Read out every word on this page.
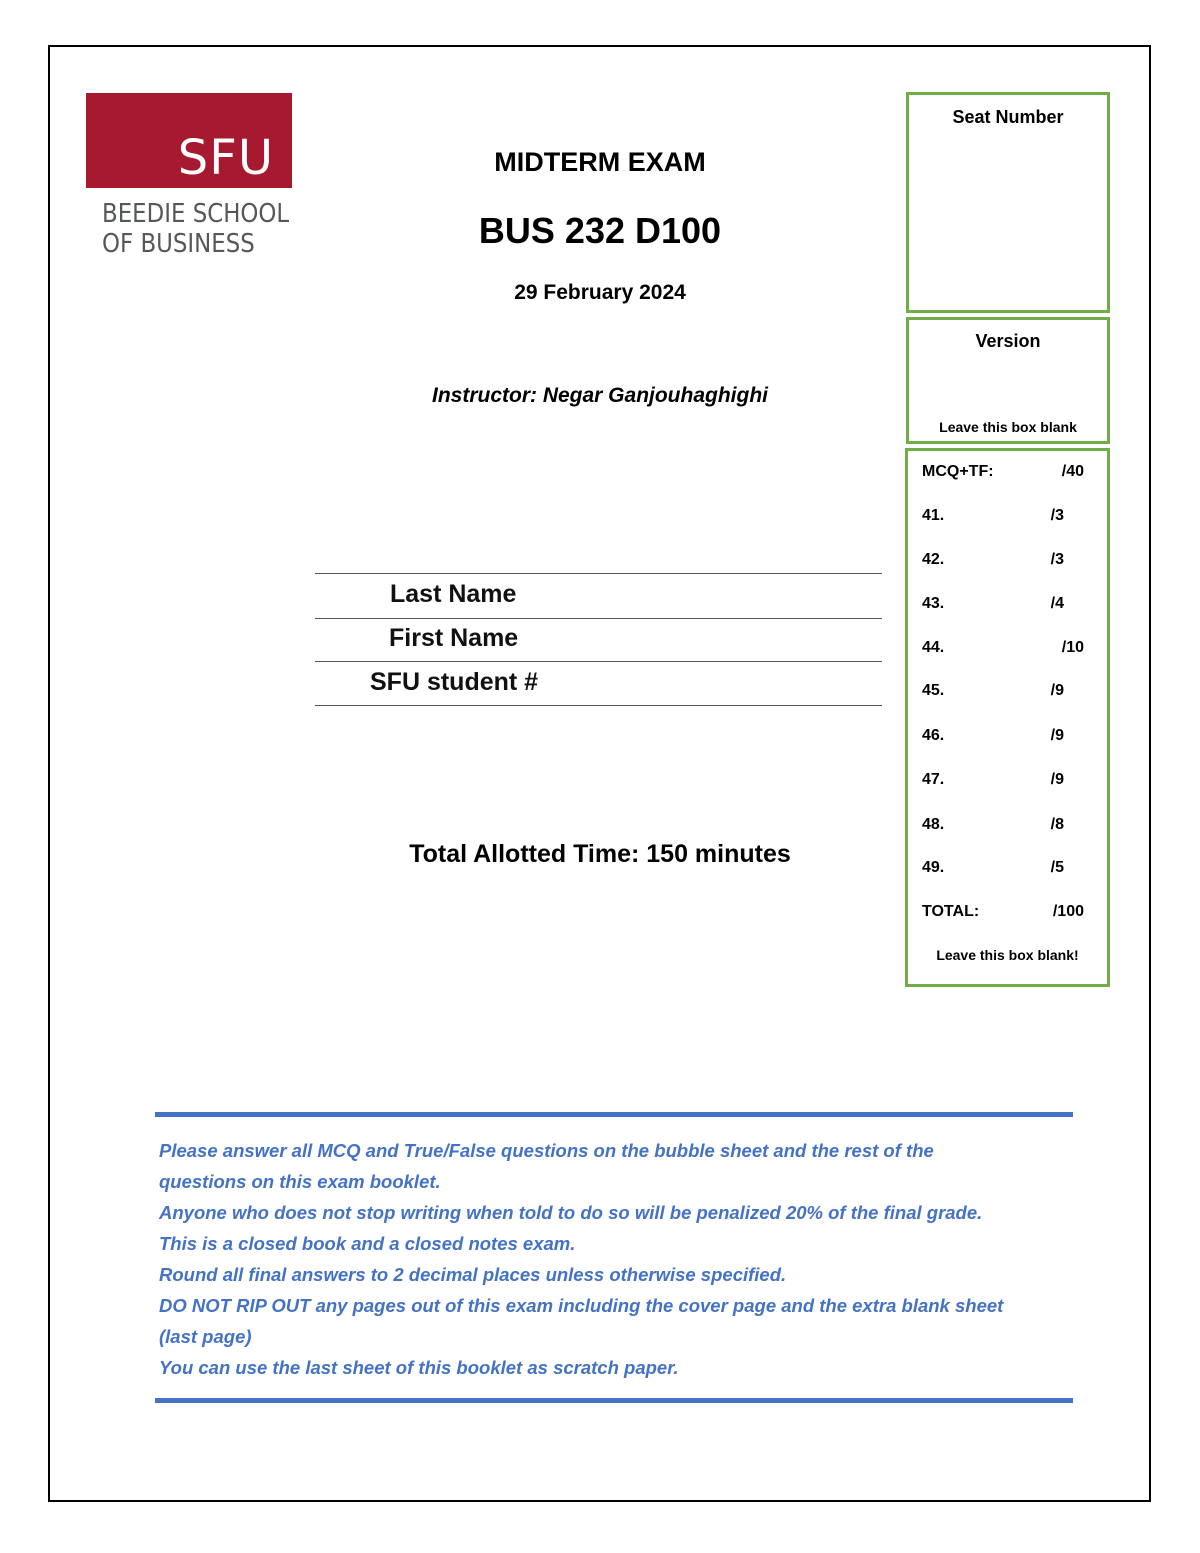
SFU
BEEDIE SCHOOL
OF BUSINESS
MIDTERM EXAM
BUS 232 D100
29 February 2024
Instructor: Negar Ganjouhaghighi
Last Name
First Name
SFU student #
Total Allotted Time: 150 minutes
Seat Number
Version
Leave this box blank
Leave this box blank!
MCQ+TF:	/40
41.	/3
42.	/3
43.	/4
44.	/10
45.	/9
46.	/9
47.	/9
48.	/8
49.	/5
TOTAL:	/100

Please answer all MCQ and True/False questions on the bubble sheet and the rest of the

questions on this exam booklet.

Anyone who does not stop writing when told to do so will be penalized 20% of the final grade.

This is a closed book and a closed notes exam.

Round all final answers to 2 decimal places unless otherwise specified.

DO NOT RIP OUT any pages out of this exam including the cover page and the extra blank sheet

(last page)

You can use the last sheet of this booklet as scratch paper.
